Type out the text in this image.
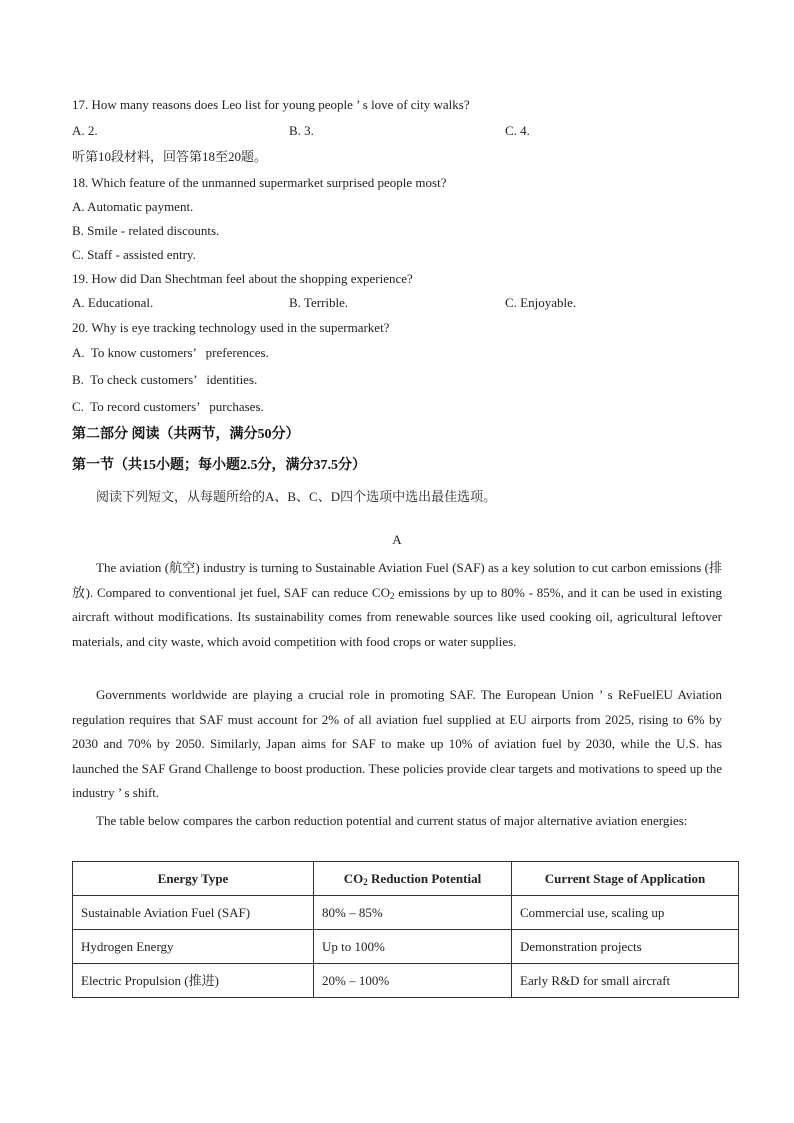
17. How many reasons does Leo list for young people ’ s love of city walks?
A. 2.	B. 3.	C. 4.
听第10段材料，回答第18至20题。
18. Which feature of the unmanned supermarket surprised people most?
A. Automatic payment.
B. Smile - related discounts.
C. Staff - assisted entry.
19. How did Dan Shechtman feel about the shopping experience?
A. Educational.	B. Terrible.	C. Enjoyable.
20. Why is eye tracking technology used in the supermarket?
A.  To know customers’   preferences.
B.  To check customers’   identities.
C.  To record customers’   purchases.
第二部分 阅读（共两节，满分50分）
第一节（共15小题；每小题2.5分，满分37.5分）
阅读下列短文，从每题所给的A、B、C、D四个选项中选出最佳选项。
A
The aviation (航空) industry is turning to Sustainable Aviation Fuel (SAF) as a key solution to cut carbon emissions (排放). Compared to conventional jet fuel, SAF can reduce $CO_2$ emissions by up to 80% - 85%, and it can be used in existing aircraft without modifications. Its sustainability comes from renewable sources like used cooking oil, agricultural leftover materials, and city waste, which avoid competition with food crops or water supplies.
Governments worldwide are playing a crucial role in promoting SAF. The European Union ’ s ReFuelEU Aviation regulation requires that SAF must account for 2% of all aviation fuel supplied at EU airports from 2025, rising to 6% by 2030 and 70% by 2050. Similarly, Japan aims for SAF to make up 10% of aviation fuel by 2030, while the U.S. has launched the SAF Grand Challenge to boost production. These policies provide clear targets and motivations to speed up the industry ’ s shift.
The table below compares the carbon reduction potential and current status of major alternative aviation energies:
Energy Type	$CO_2$ Reduction Potential	Current Stage of Application
Sustainable Aviation Fuel (SAF)	80% ‒ 85%	Commercial use, scaling up
Hydrogen Energy	Up to 100%	Demonstration projects
Electric Propulsion (推进)	20% ‒ 100%	Early R&D for small aircraft
